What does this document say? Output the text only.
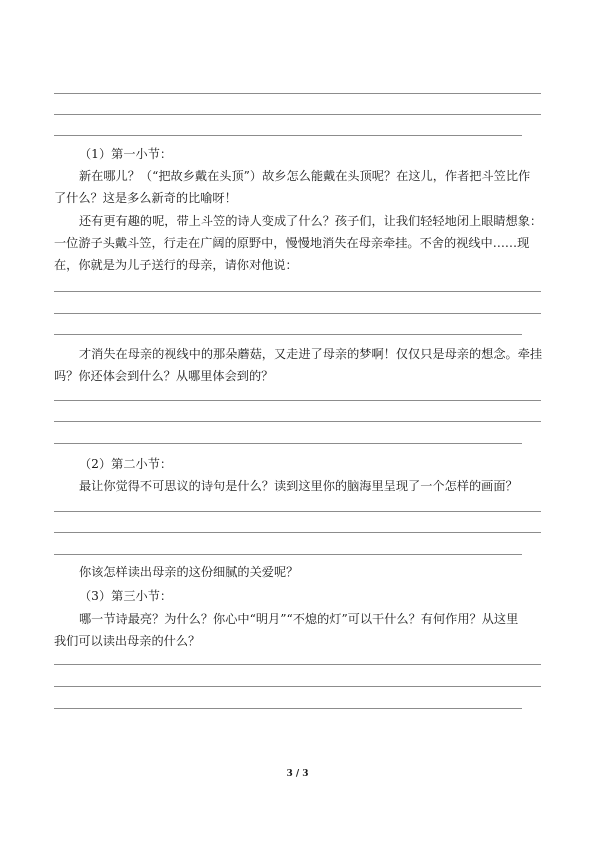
（1）第一小节：

新在哪儿？（“把故乡戴在头顶”）故乡怎么能戴在头顶呢？在这儿，作者把斗笠比作

了什么？这是多么新奇的比喻呀！

还有更有趣的呢，带上斗笠的诗人变成了什么？孩子们，让我们轻轻地闭上眼睛想象：

一位游子头戴斗笠，行走在广阔的原野中，慢慢地消失在母亲牵挂。不舍的视线中……现

在，你就是为儿子送行的母亲，请你对他说：

才消失在母亲的视线中的那朵蘑菇，又走进了母亲的梦啊！仅仅只是母亲的想念。牵挂

吗？你还体会到什么？从哪里体会到的？

（2）第二小节：

最让你觉得不可思议的诗句是什么？读到这里你的脑海里呈现了一个怎样的画面？

你该怎样读出母亲的这份细腻的关爱呢？

（3）第三小节：

哪一节诗最亮？为什么？你心中“明月”“不熄的灯”可以干什么？有何作用？从这里

我们可以读出母亲的什么？

3 / 3
